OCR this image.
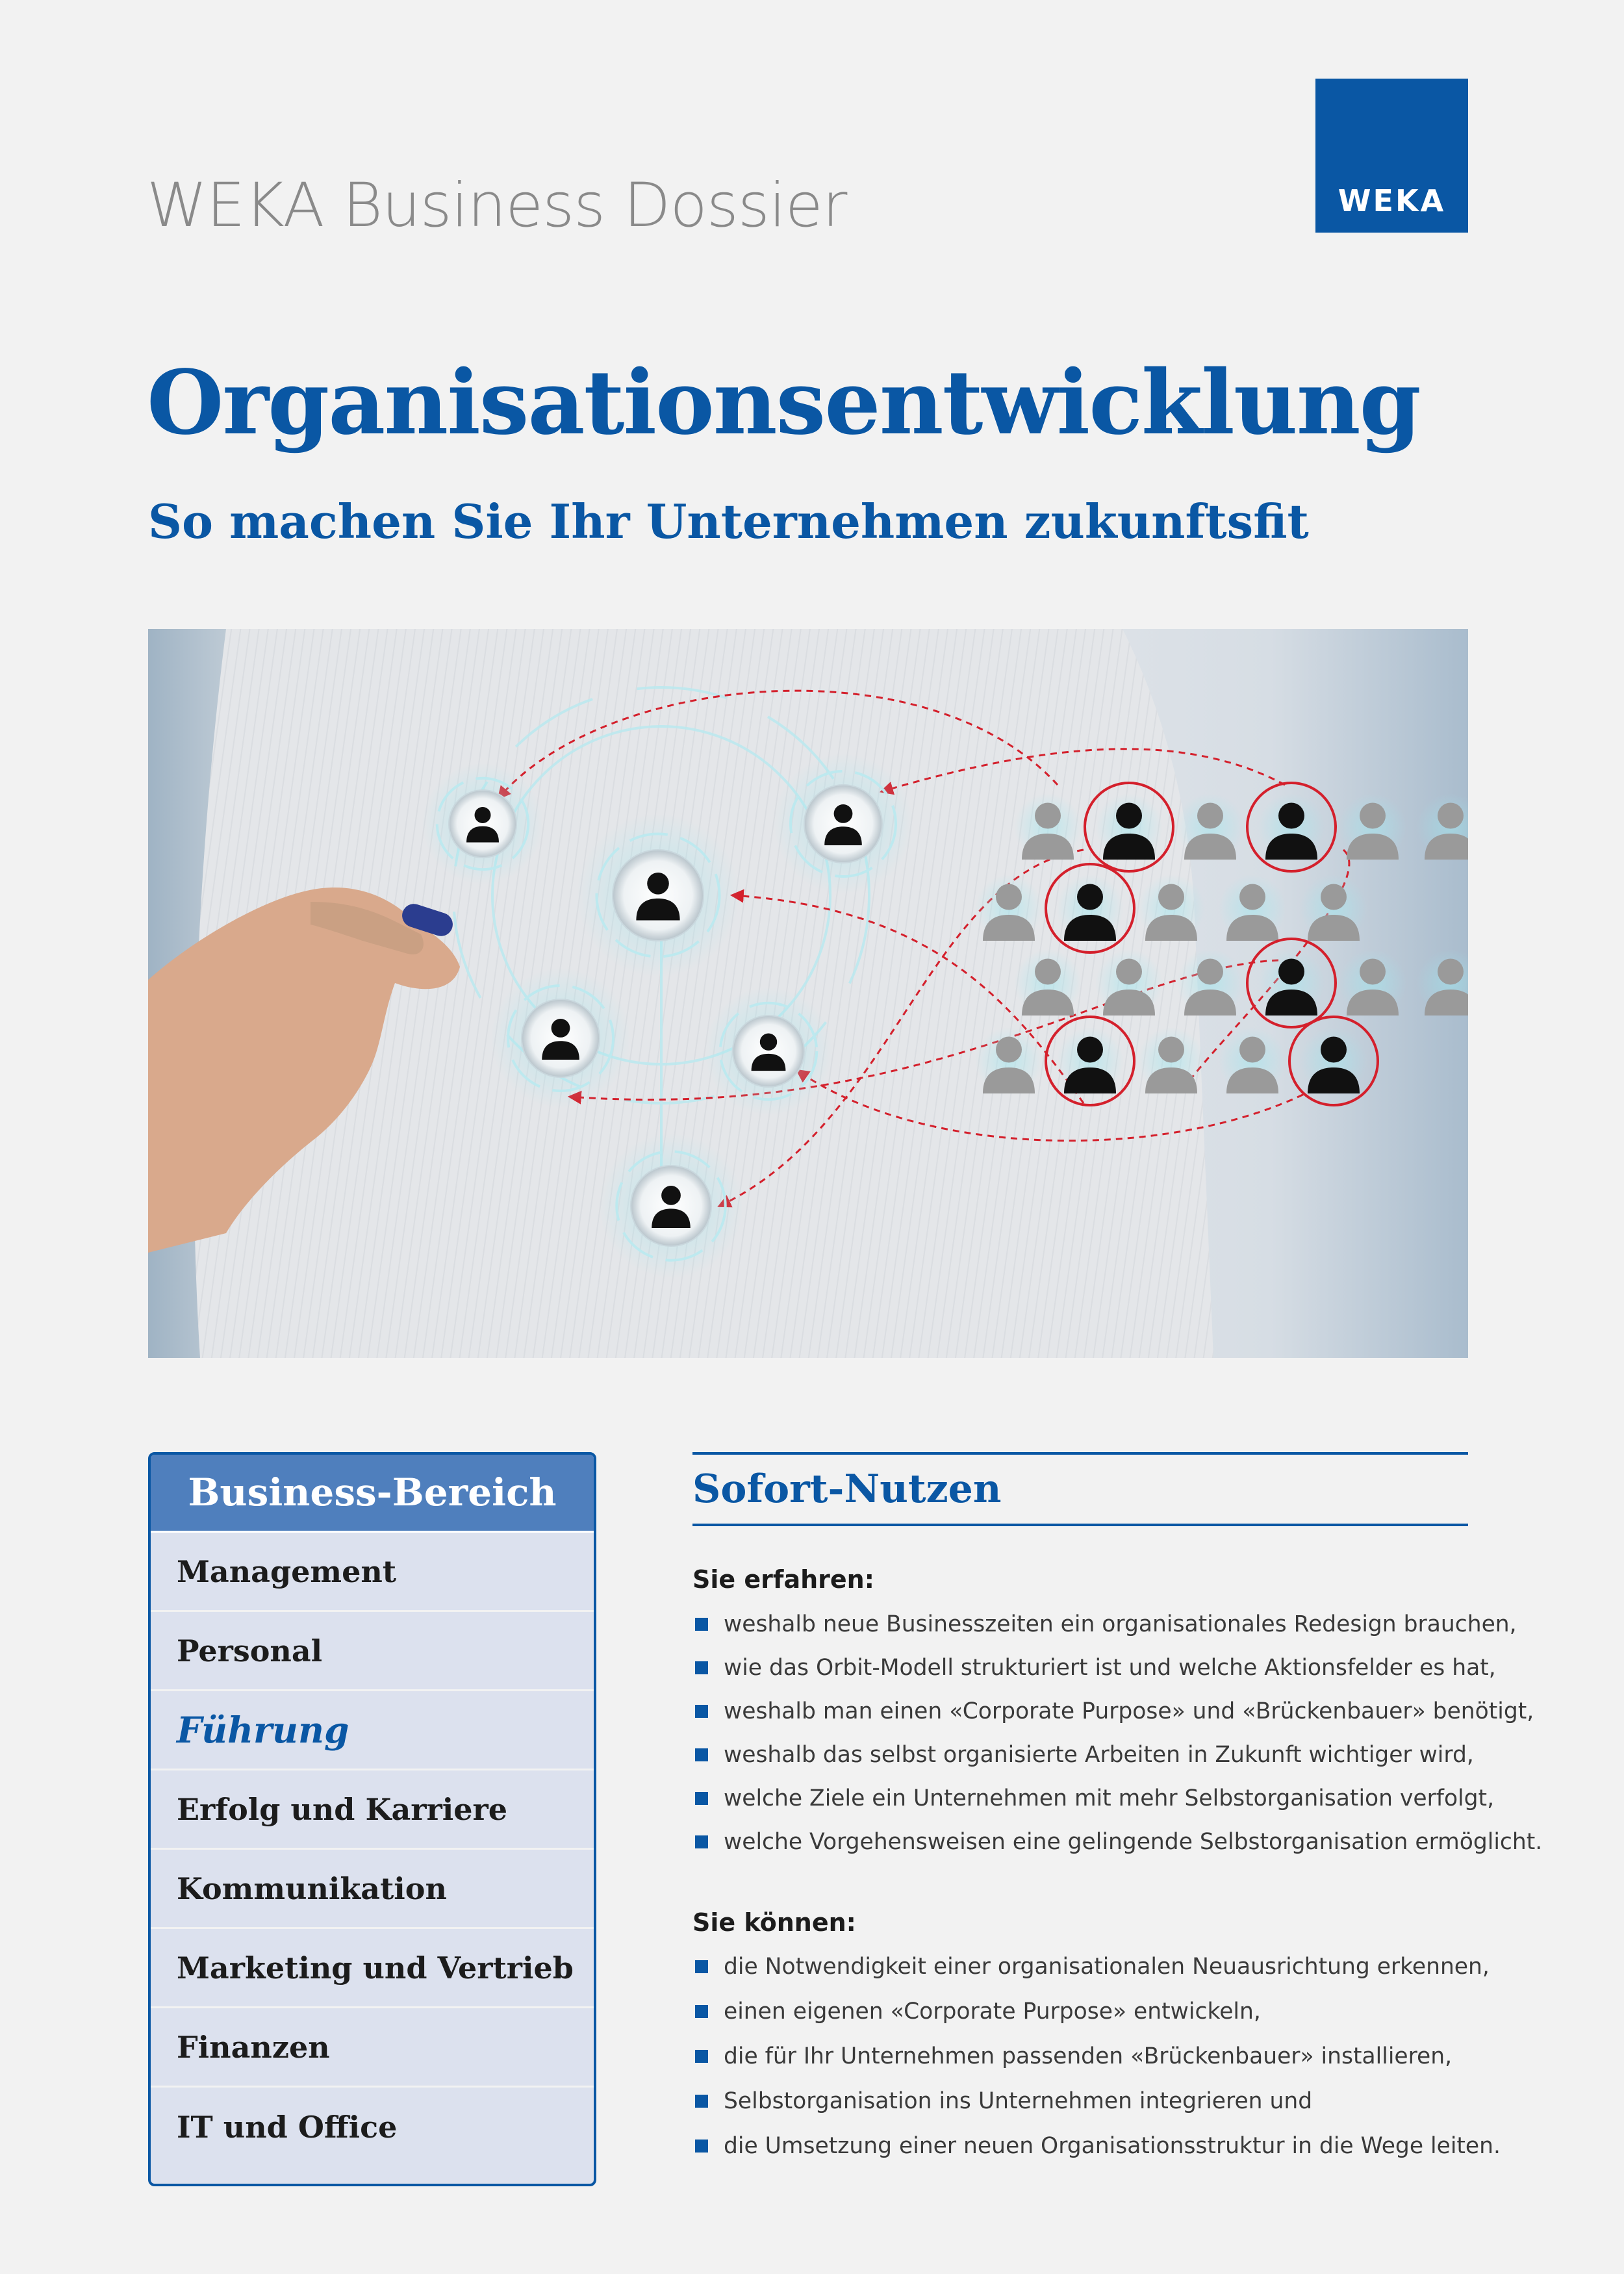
WEKA Business Dossier	WEKA
Organisationsentwicklung
So machen Sie Ihr Unternehmen zukunftsfit
Business-Bereich
Management
Personal
Führung
Erfolg und Karriere
Kommunikation
Marketing und Vertrieb
Finanzen
IT und Office
Sofort-Nutzen

Sie erfahren:

weshalb neue Businesszeiten ein organisationales Redesign brauchen,
wie das Orbit-Modell strukturiert ist und welche Aktionsfelder es hat,
weshalb man einen «Corporate Purpose» und «Brückenbauer» benötigt,
weshalb das selbst organisierte Arbeiten in Zukunft wichtiger wird,
welche Ziele ein Unternehmen mit mehr Selbstorganisation verfolgt,
welche Vorgehensweisen eine gelingende Selbstorganisation ermöglicht.

Sie können:

die Notwendigkeit einer organisationalen Neuausrichtung erkennen,
einen eigenen «Corporate Purpose» entwickeln,
die für Ihr Unternehmen passenden «Brückenbauer» installieren,
Selbstorganisation ins Unternehmen integrieren und
die Umsetzung einer neuen Organisationsstruktur in die Wege leiten.
